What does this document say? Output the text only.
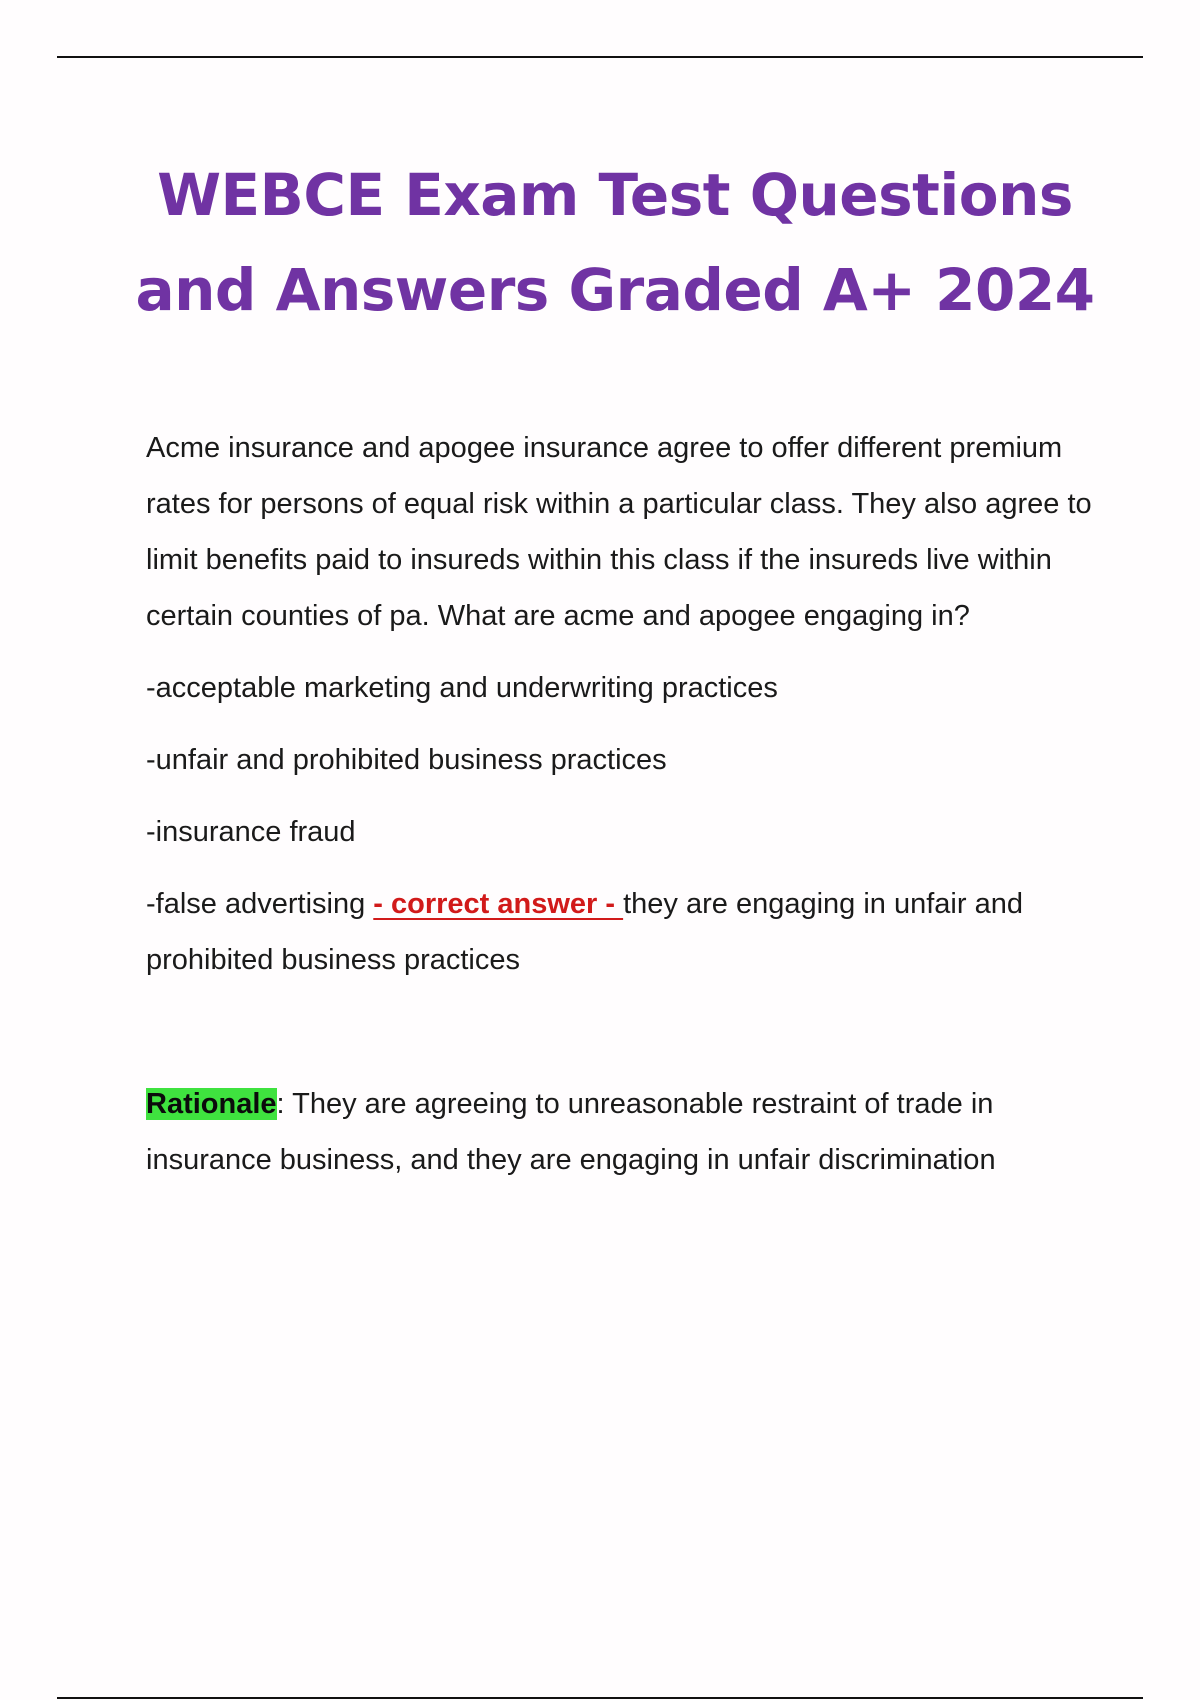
WEBCE Exam Test Questions
and Answers Graded A+ 2024

Acme insurance and apogee insurance agree to offer different premium rates for persons of equal risk within a particular class. They also agree to limit benefits paid to insureds within this class if the insureds live within certain counties of pa. What are acme and apogee engaging in?

-acceptable marketing and underwriting practices

-unfair and prohibited business practices

-insurance fraud

-false advertising - correct answer - they are engaging in unfair and prohibited business practices

Rationale: They are agreeing to unreasonable restraint of trade in insurance business, and they are engaging in unfair discrimination
